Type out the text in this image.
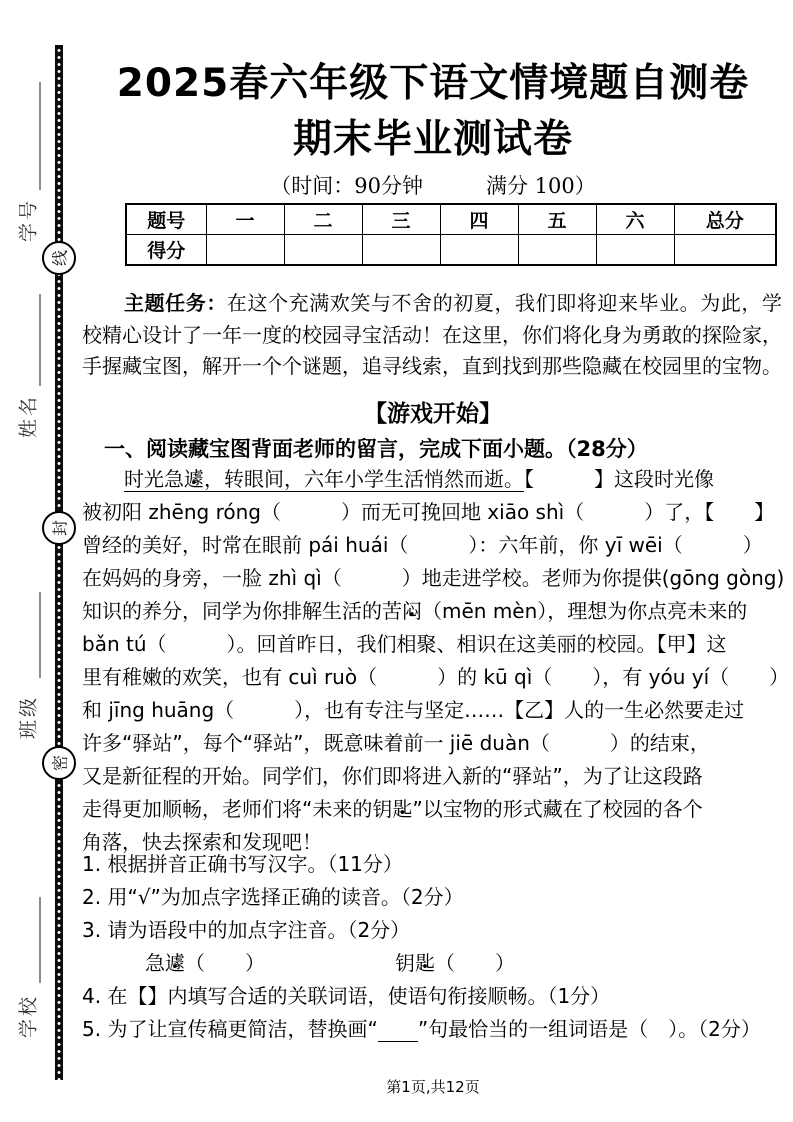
学号
姓名
班级
学校
线
封
密
2025春六年级下语文情境题自测卷
期末毕业测试卷
（时间：90分钟　　　满分 100）
题号	一	二	三	四	五	六	总分
得分							

主题任务：在这个充满欢笑与不舍的初夏，我们即将迎来毕业。为此，学校精心设计了一年一度的校园寻宝活动！在这里，你们将化身为勇敢的探险家，手握藏宝图，解开一个个谜题，追寻线索，直到找到那些隐藏在校园里的宝物。

【游戏开始】
一、阅读藏宝图背面老师的留言，完成下面小题。（28分）
时光急遽 •，转眼间，六年小学生活悄然而逝。【　　　】这段时光像
被初阳 zhēng róng（　　　）而无可挽回地 xiāo shì（　　　）了，【　　】
曾经的美好，时常在眼前 pái huái（　　　）：六年前，你 yī wēi（　　　）
在妈妈的身旁，一脸 zhì qì（　　　）地走进学校。老师为你提供 •(gōng gòng)
知识的养分，同学为你排解生活的苦闷 •（mēn mèn），理想为你点亮未来的
bǎn tú（　　　）。回首昨日，我们相聚、相识在这美丽的校园。【甲】这
里有稚嫩的欢笑，也有 cuì ruò（　　　）的 kū qì（　　），有 yóu yí（　　）
和 jīng huāng（　　　），也有专注与坚定……【乙】人的一生必然要走过
许多“驿站”，每个“驿站”，既意味着前一 jiē duàn（　　　）的结束，
又是新征程的开始。同学们，你们即将进入新的“驿站”，为了让这段路
走得更加顺畅，老师们将“未来的钥匙 •”以宝物的形式藏在了校园的各个
角落，快去探索和发现吧！
1. 根据拼音正确书写汉字。（11分）
2. 用“√”为加点字选择正确的读音。（2分）
3. 请为语段中的加点字注音。（2分）
急遽 •（　　）　　　　　　　	钥匙 •（　　）
4. 在【】内填写合适的关联词语，使语句衔接顺畅。（1分）
5. 为了让宣传稿更简洁，替换画“　　 ”句最恰当的一组词语是（　）。（2分）
第1页,共12页
